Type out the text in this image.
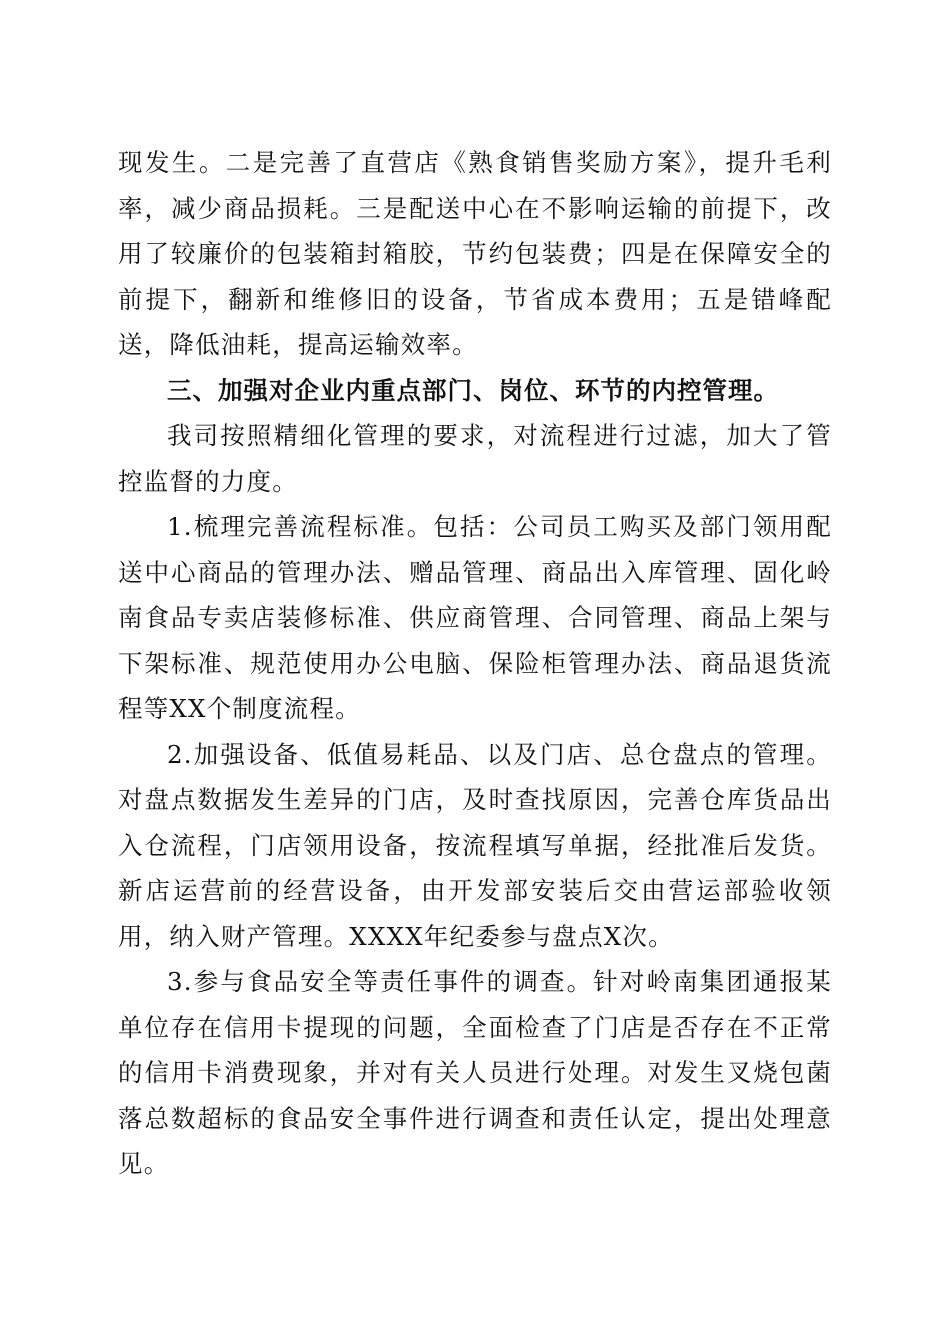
现发生。二是完善了直营店《熟食销售奖励方案》，提升毛利率，减少商品损耗。三是配送中心在不影响运输的前提下，改用了较廉价的包装箱封箱胶，节约包装费；四是在保障安全的前提下，翻新和维修旧的设备，节省成本费用；五是错峰配送，降低油耗，提高运输效率。

三、加强对企业内重点部门、岗位、环节的内控管理。

我司按照精细化管理的要求，对流程进行过滤，加大了管控监督的力度。

1.梳理完善流程标准。包括：公司员工购买及部门领用配送中心商品的管理办法、赠品管理、商品出入库管理、固化岭南食品专卖店装修标准、供应商管理、合同管理、商品上架与下架标准、规范使用办公电脑、保险柜管理办法、商品退货流程等XX个制度流程。

2.加强设备、低值易耗品、以及门店、总仓盘点的管理。对盘点数据发生差异的门店，及时查找原因，完善仓库货品出入仓流程，门店领用设备，按流程填写单据，经批准后发货。新店运营前的经营设备，由开发部安装后交由营运部验收领用，纳入财产管理。XXXX年纪委参与盘点X次。

3.参与食品安全等责任事件的调查。针对岭南集团通报某单位存在信用卡提现的问题，全面检查了门店是否存在不正常的信用卡消费现象，并对有关人员进行处理。对发生叉烧包菌落总数超标的食品安全事件进行调查和责任认定，提出处理意见。
